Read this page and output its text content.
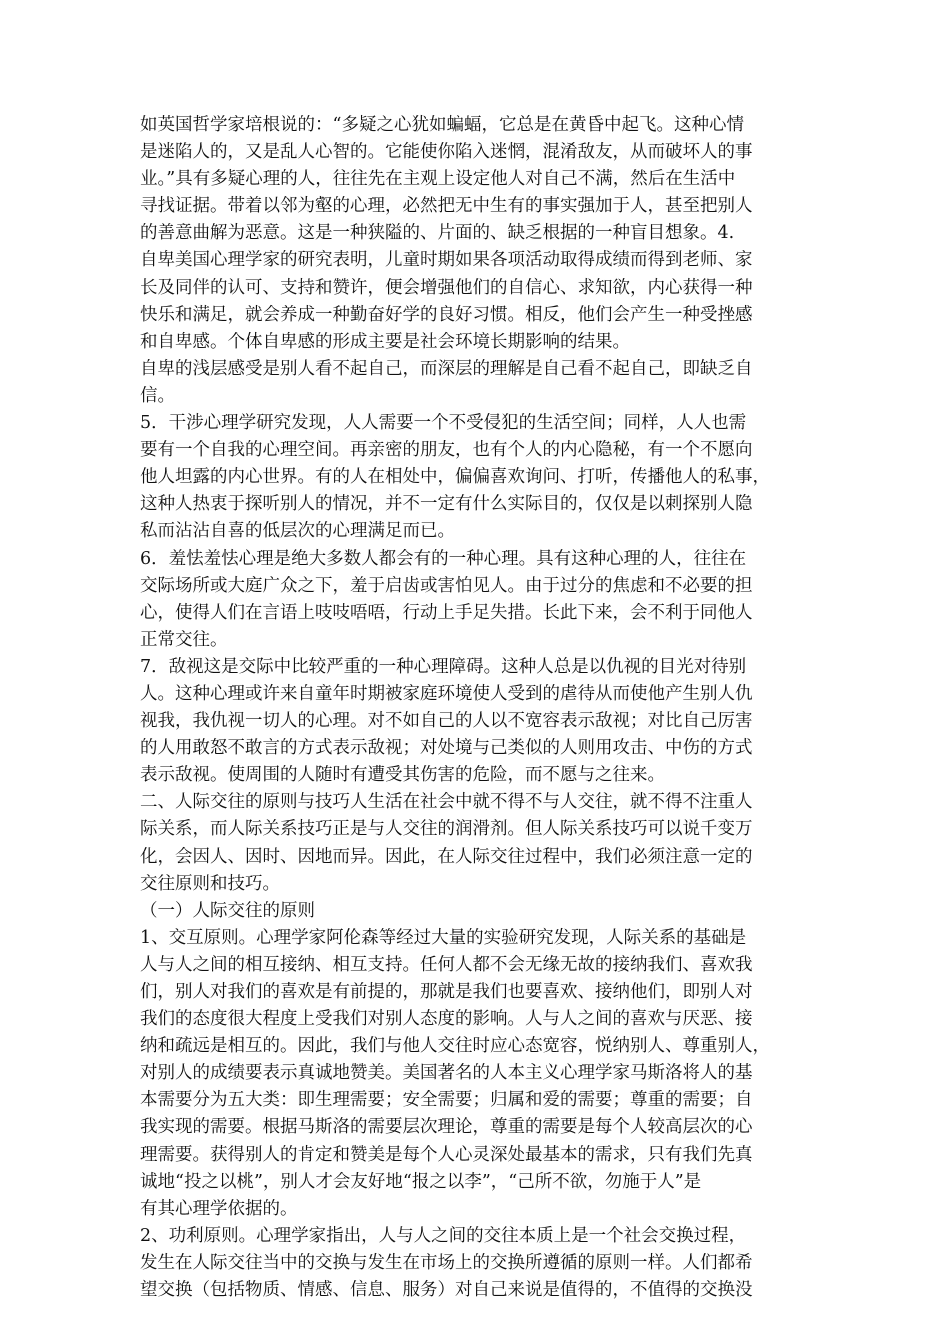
如英国哲学家培根说的：“多疑之心犹如蝙蝠，它总是在黄昏中起飞。这种心情
是迷陷人的，又是乱人心智的。它能使你陷入迷惘，混淆敌友，从而破坏人的事
业。”具有多疑心理的人，往往先在主观上设定他人对自己不满，然后在生活中
寻找证据。带着以邻为壑的心理，必然把无中生有的事实强加于人，甚至把别人
的善意曲解为恶意。这是一种狭隘的、片面的、缺乏根据的一种盲目想象。4.
自卑美国心理学家的研究表明，儿童时期如果各项活动取得成绩而得到老师、家
长及同伴的认可、支持和赞许，便会增强他们的自信心、求知欲，内心获得一种
快乐和满足，就会养成一种勤奋好学的良好习惯。相反，他们会产生一种受挫感
和自卑感。个体自卑感的形成主要是社会环境长期影响的结果。
自卑的浅层感受是别人看不起自己，而深层的理解是自己看不起自己，即缺乏自
信。
5．干涉心理学研究发现，人人需要一个不受侵犯的生活空间；同样，人人也需
要有一个自我的心理空间。再亲密的朋友，也有个人的内心隐秘，有一个不愿向
他人坦露的内心世界。有的人在相处中，偏偏喜欢询问、打听，传播他人的私事，
这种人热衷于探听别人的情况，并不一定有什么实际目的，仅仅是以刺探别人隐
私而沾沾自喜的低层次的心理满足而已。
6．羞怯羞怯心理是绝大多数人都会有的一种心理。具有这种心理的人，往往在
交际场所或大庭广众之下，羞于启齿或害怕见人。由于过分的焦虑和不必要的担
心，使得人们在言语上吱吱唔唔，行动上手足失措。长此下来，会不利于同他人
正常交往。
7．敌视这是交际中比较严重的一种心理障碍。这种人总是以仇视的目光对待别
人。这种心理或许来自童年时期被家庭环境使人受到的虐待从而使他产生别人仇
视我，我仇视一切人的心理。对不如自己的人以不宽容表示敌视；对比自己厉害
的人用敢怒不敢言的方式表示敌视；对处境与己类似的人则用攻击、中伤的方式
表示敌视。使周围的人随时有遭受其伤害的危险，而不愿与之往来。
二、人际交往的原则与技巧人生活在社会中就不得不与人交往，就不得不注重人
际关系，而人际关系技巧正是与人交往的润滑剂。但人际关系技巧可以说千变万
化，会因人、因时、因地而异。因此，在人际交往过程中，我们必须注意一定的
交往原则和技巧。
（一）人际交往的原则
1、交互原则。心理学家阿伦森等经过大量的实验研究发现，人际关系的基础是
人与人之间的相互接纳、相互支持。任何人都不会无缘无故的接纳我们、喜欢我
们，别人对我们的喜欢是有前提的，那就是我们也要喜欢、接纳他们，即别人对
我们的态度很大程度上受我们对别人态度的影响。人与人之间的喜欢与厌恶、接
纳和疏远是相互的。因此，我们与他人交往时应心态宽容，悦纳别人、尊重别人，
对别人的成绩要表示真诚地赞美。美国著名的人本主义心理学家马斯洛将人的基
本需要分为五大类：即生理需要；安全需要；归属和爱的需要；尊重的需要；自
我实现的需要。根据马斯洛的需要层次理论，尊重的需要是每个人较高层次的心
理需要。获得别人的肯定和赞美是每个人心灵深处最基本的需求，只有我们先真
诚地“投之以桃”，别人才会友好地“报之以李”，“己所不欲，勿施于人”是
有其心理学依据的。
2、功利原则。心理学家指出，人与人之间的交往本质上是一个社会交换过程，
发生在人际交往当中的交换与发生在市场上的交换所遵循的原则一样。人们都希
望交换（包括物质、情感、信息、服务）对自己来说是值得的，不值得的交换没
